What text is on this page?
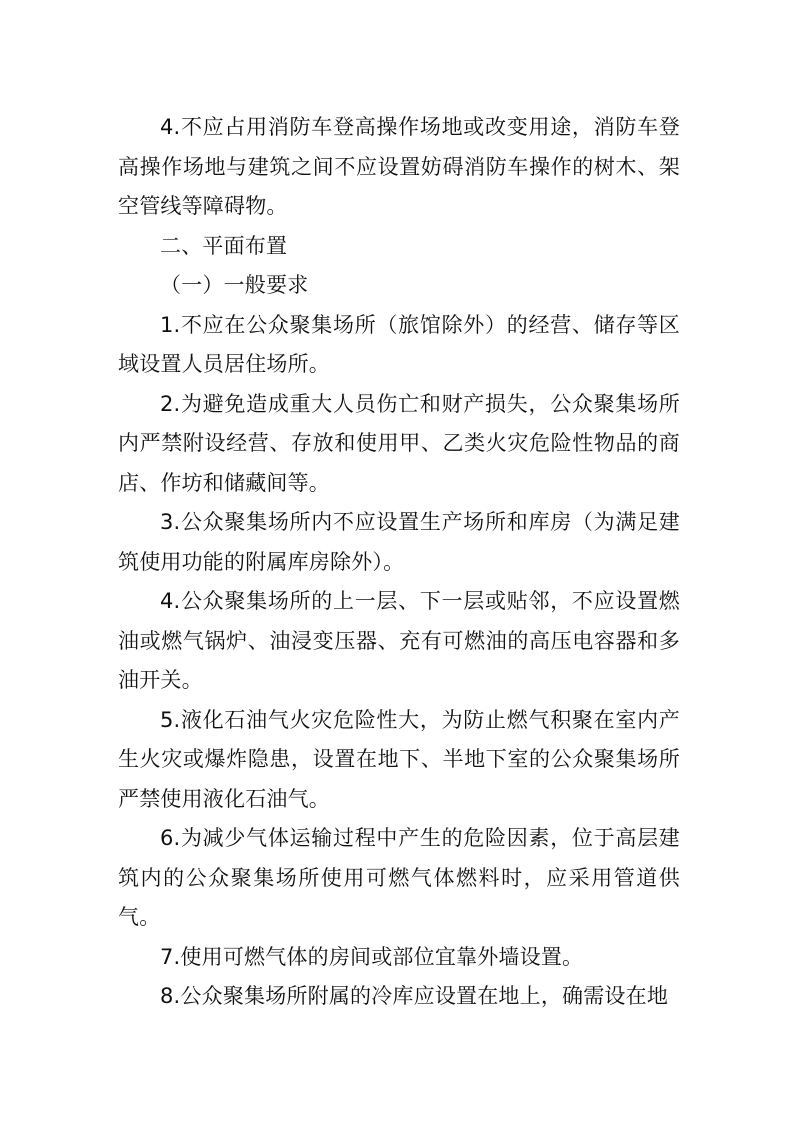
4.不应占用消防车登高操作场地或改变用途，消防车登高操作场地与建筑之间不应设置妨碍消防车操作的树木、架空管线等障碍物。

二、平面布置

（一）一般要求

1.不应在公众聚集场所（旅馆除外）的经营、储存等区域设置人员居住场所。

2.为避免造成重大人员伤亡和财产损失，公众聚集场所内严禁附设经营、存放和使用甲、乙类火灾危险性物品的商店、作坊和储藏间等。

3.公众聚集场所内不应设置生产场所和库房（为满足建筑使用功能的附属库房除外）。

4.公众聚集场所的上一层、下一层或贴邻，不应设置燃油或燃气锅炉、油浸变压器、充有可燃油的高压电容器和多油开关。

5.液化石油气火灾危险性大，为防止燃气积聚在室内产生火灾或爆炸隐患，设置在地下、半地下室的公众聚集场所严禁使用液化石油气。

6.为减少气体运输过程中产生的危险因素，位于高层建筑内的公众聚集场所使用可燃气体燃料时，应采用管道供气。

7.使用可燃气体的房间或部位宜靠外墙设置。

8.公众聚集场所附属的冷库应设置在地上，确需设在地
